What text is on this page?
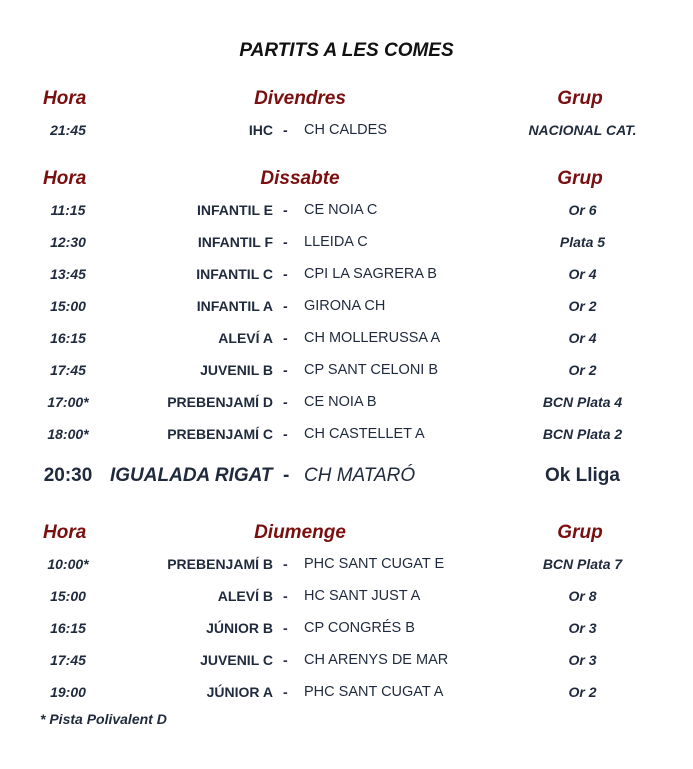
PARTITS A LES COMES
Hora	Divendres	Grup
21:45	IHC - CH CALDES	NACIONAL CAT.
Hora	Dissabte	Grup
11:15	INFANTIL E - CE NOIA C	Or 6
12:30	INFANTIL F - LLEIDA C	Plata 5
13:45	INFANTIL C - CPI LA SAGRERA B	Or 4
15:00	INFANTIL A - GIRONA CH	Or 2
16:15	ALEVÍ A - CH MOLLERUSSA A	Or 4
17:45	JUVENIL B - CP SANT CELONI B	Or 2
17:00*	PREBENJAMÍ D - CE NOIA B	BCN Plata 4
18:00*	PREBENJAMÍ C - CH CASTELLET A	BCN Plata 2
20:30 IGUALADA RIGAT - CH MATARÓ	Ok Lliga
Hora	Diumenge	Grup
10:00*	PREBENJAMÍ B - PHC SANT CUGAT E	BCN Plata 7
15:00	ALEVÍ B - HC SANT JUST A	Or 8
16:15	JÚNIOR B - CP CONGRÉS B	Or 3
17:45	JUVENIL C - CH ARENYS DE MAR	Or 3
19:00	JÚNIOR A - PHC SANT CUGAT A	Or 2
* Pista Polivalent D
